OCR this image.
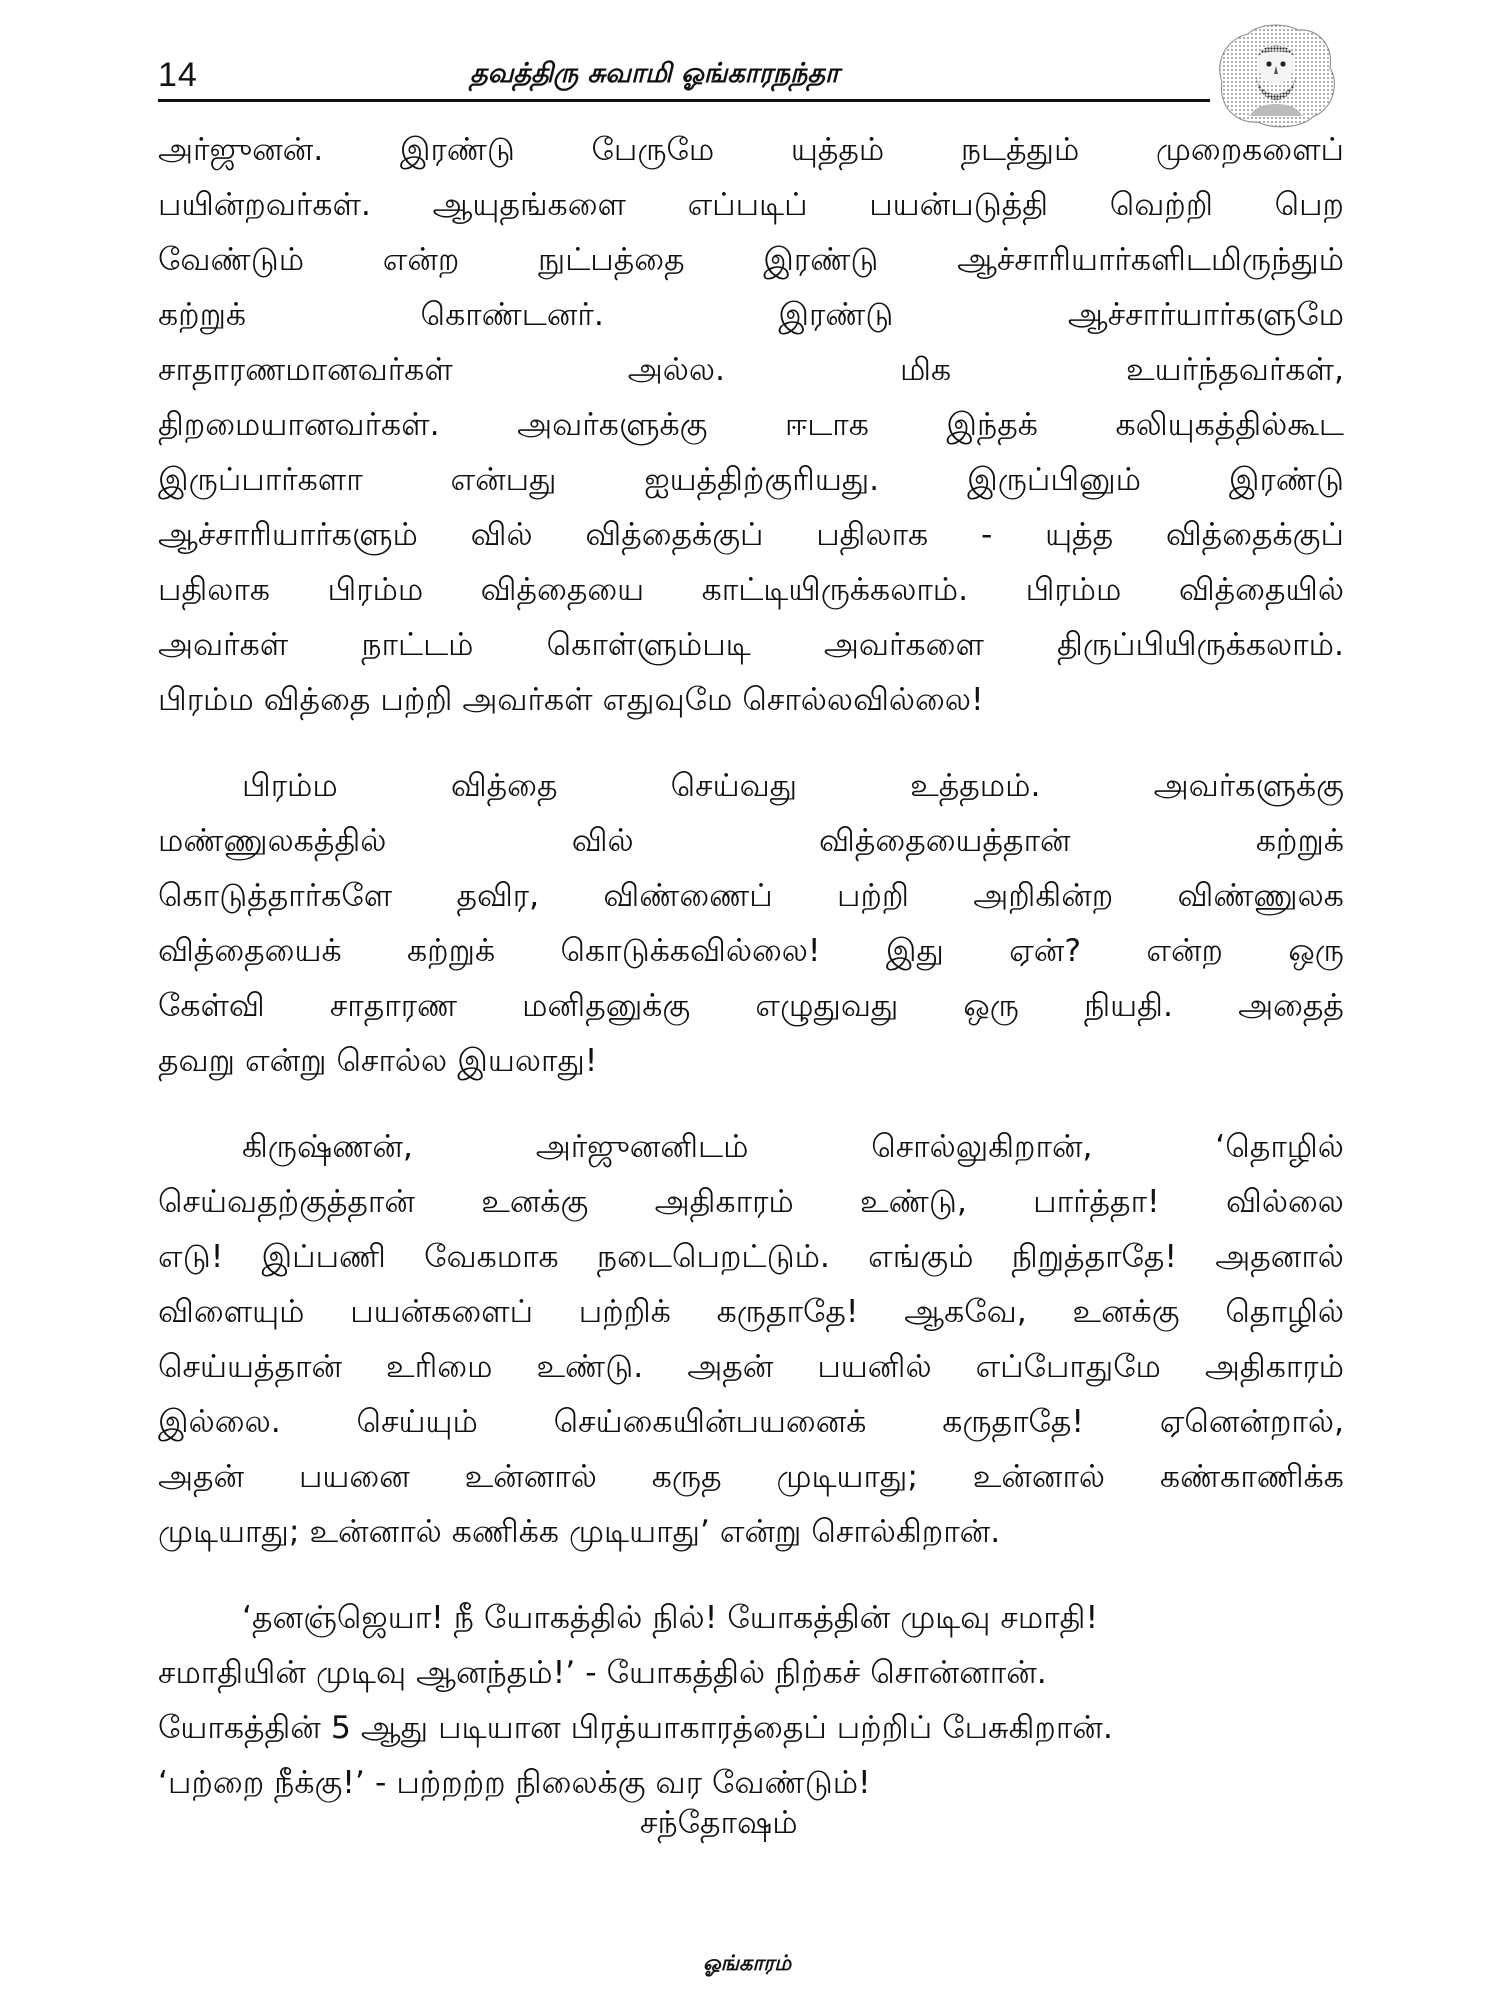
14	தவத்திரு சுவாமி ஓங்காரநந்தா
அர்ஜுனன். இரண்டு பேருமே யுத்தம் நடத்தும் முறைகளைப்
பயின்றவர்கள். ஆயுதங்களை எப்படிப் பயன்படுத்தி வெற்றி பெற
வேண்டும் என்ற நுட்பத்தை இரண்டு ஆச்சாரியார்களிடமிருந்தும்
கற்றுக்	கொண்டனர்.	இரண்டு	ஆச்சார்யார்களுமே
சாதாரணமானவர்கள்	அல்ல.	மிக	உயர்ந்தவர்கள்,
திறமையானவர்கள். அவர்களுக்கு ஈடாக இந்தக் கலியுகத்தில்கூட
இருப்பார்களா	என்பது	ஐயத்திற்குரியது.	இருப்பினும்	இரண்டு
ஆச்சாரியார்களும் வில் வித்தைக்குப் பதிலாக - யுத்த வித்தைக்குப்
பதிலாக பிரம்ம வித்தையை காட்டியிருக்கலாம். பிரம்ம வித்தையில்
அவர்கள் நாட்டம் கொள்ளும்படி அவர்களை திருப்பியிருக்கலாம்.
பிரம்ம வித்தை பற்றி அவர்கள் எதுவுமே சொல்லவில்லை!
பிரம்ம	வித்தை	செய்வது	உத்தமம்.	அவர்களுக்கு
மண்ணுலகத்தில்	வில்	வித்தையைத்தான்	கற்றுக்
கொடுத்தார்களே தவிர, விண்ணைப் பற்றி அறிகின்ற விண்ணுலக
வித்தையைக் கற்றுக் கொடுக்கவில்லை! இது ஏன்? என்ற ஒரு
கேள்வி சாதாரண மனிதனுக்கு எழுதுவது ஒரு நியதி. அதைத்
தவறு என்று சொல்ல இயலாது!
கிருஷ்ணன்,	அர்ஜுனனிடம்	சொல்லுகிறான்,	‘தொழில்
செய்வதற்குத்தான் உனக்கு அதிகாரம் உண்டு, பார்த்தா! வில்லை
எடு! இப்பணி வேகமாக நடைபெறட்டும். எங்கும் நிறுத்தாதே! அதனால்
விளையும் பயன்களைப் பற்றிக் கருதாதே! ஆகவே, உனக்கு தொழில்
செய்யத்தான் உரிமை உண்டு. அதன் பயனில் எப்போதுமே அதிகாரம்
இல்லை. செய்யும் செய்கையின்பயனைக் கருதாதே! ஏனென்றால்,
அதன் பயனை உன்னால் கருத முடியாது; உன்னால் கண்காணிக்க
முடியாது; உன்னால் கணிக்க முடியாது’ என்று சொல்கிறான்.
‘தனஞ்ஜெயா! நீ யோகத்தில் நில்! யோகத்தின் முடிவு சமாதி!
சமாதியின் முடிவு ஆனந்தம்!’ - யோகத்தில் நிற்கச் சொன்னான்.
யோகத்தின் 5 ஆது படியான பிரத்யாகாரத்தைப் பற்றிப் பேசுகிறான்.
‘பற்றை நீக்கு!’ - பற்றற்ற நிலைக்கு வர வேண்டும்!
சந்தோஷம்
ஓங்காரம்
